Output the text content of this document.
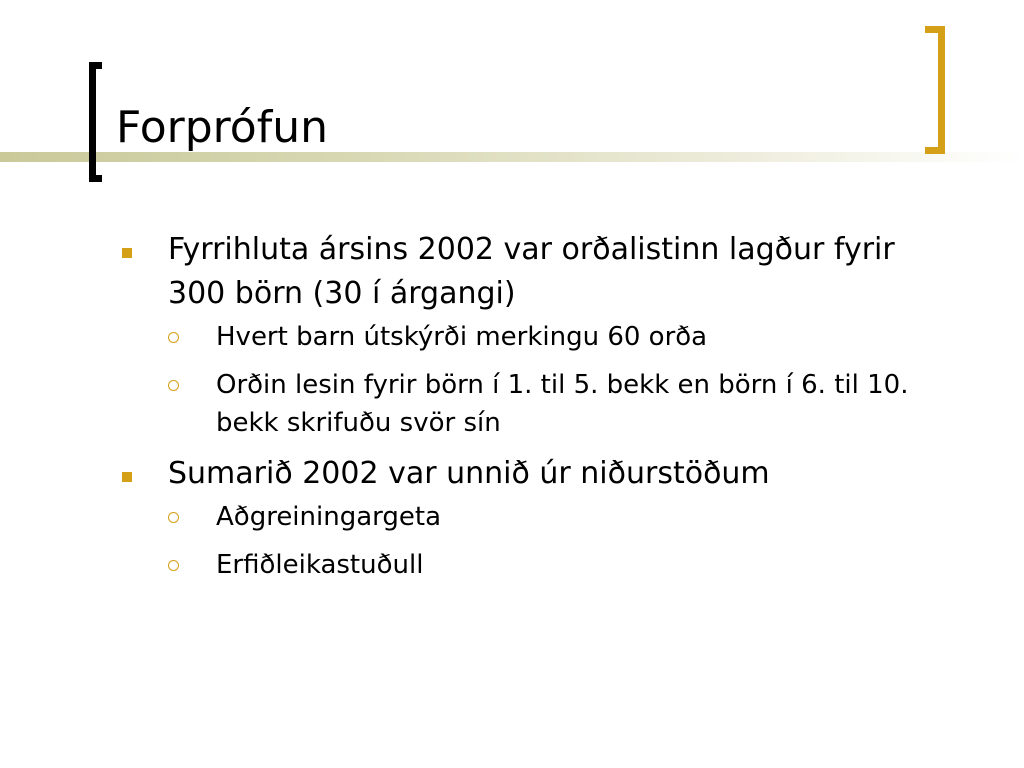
Forprófun
Fyrrihluta ársins 2002 var orðalistinn lagður fyrir 300 börn (30 í árgangi)
Hvert barn útskýrði merkingu 60 orða
Orðin lesin fyrir börn í 1. til 5. bekk en börn í 6. til 10. bekk skrifuðu svör sín
Sumarið 2002 var unnið úr niðurstöðum
Aðgreiningargeta
Erfiðleikastuðull
